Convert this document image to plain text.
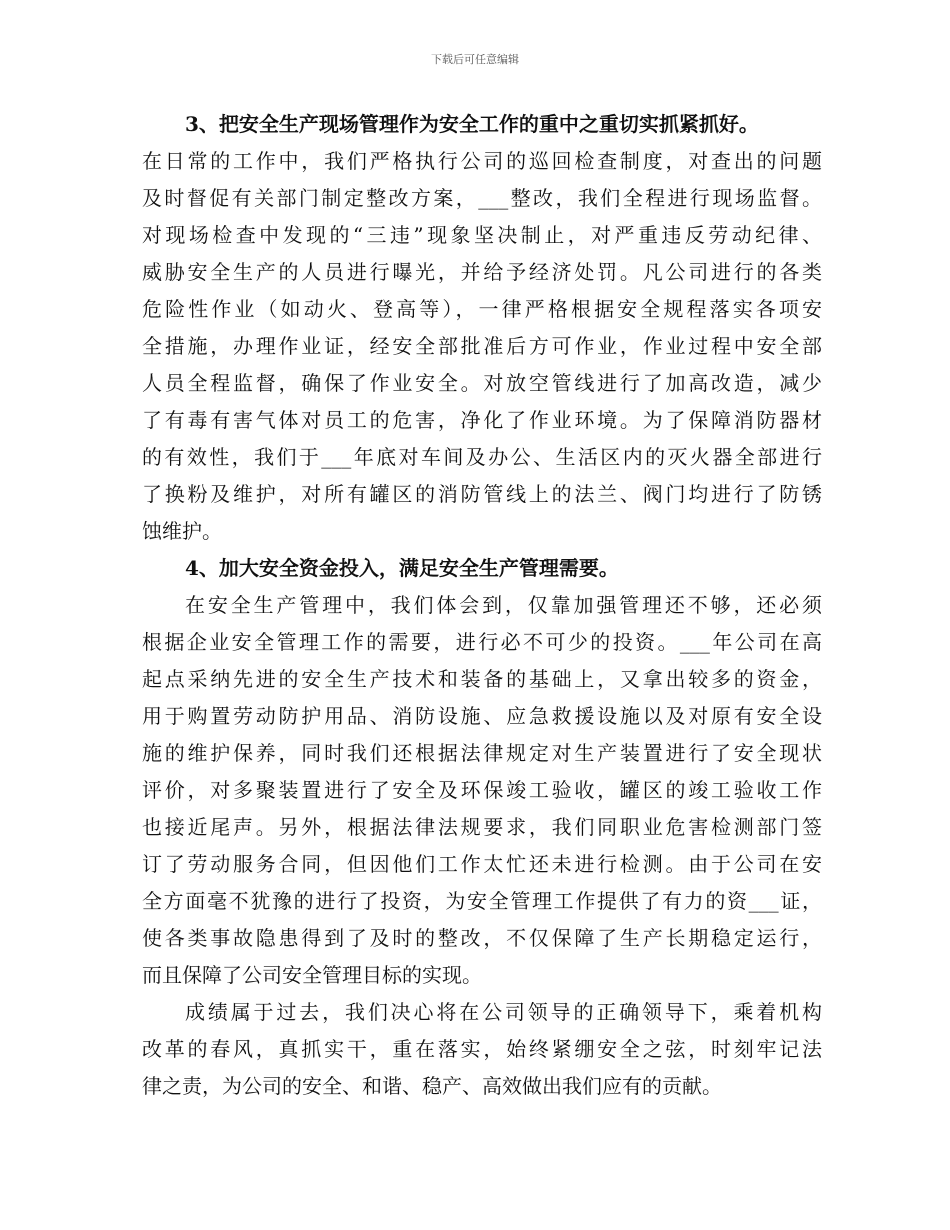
下载后可任意编辑
3、把安全生产现场管理作为安全工作的重中之重切实抓紧抓好。
在日常的工作中，我们严格执行公司的巡回检查制度，对查出的问题
及时督促有关部门制定整改方案，___整改，我们全程进行现场监督。
对现场检查中发现的“三违”现象坚决制止，对严重违反劳动纪律、
威胁安全生产的人员进行曝光，并给予经济处罚。凡公司进行的各类
危险性作业（如动火、登高等），一律严格根据安全规程落实各项安
全措施，办理作业证，经安全部批准后方可作业，作业过程中安全部
人员全程监督，确保了作业安全。对放空管线进行了加高改造，减少
了有毒有害气体对员工的危害，净化了作业环境。为了保障消防器材
的有效性，我们于___年底对车间及办公、生活区内的灭火器全部进行
了换粉及维护，对所有罐区的消防管线上的法兰、阀门均进行了防锈
蚀维护。
4、加大安全资金投入，满足安全生产管理需要。
在安全生产管理中，我们体会到，仅靠加强管理还不够，还必须
根据企业安全管理工作的需要，进行必不可少的投资。___年公司在高
起点采纳先进的安全生产技术和装备的基础上，又拿出较多的资金，
用于购置劳动防护用品、消防设施、应急救援设施以及对原有安全设
施的维护保养，同时我们还根据法律规定对生产装置进行了安全现状
评价，对多聚装置进行了安全及环保竣工验收，罐区的竣工验收工作
也接近尾声。另外，根据法律法规要求，我们同职业危害检测部门签
订了劳动服务合同，但因他们工作太忙还未进行检测。由于公司在安
全方面毫不犹豫的进行了投资，为安全管理工作提供了有力的资___证，
使各类事故隐患得到了及时的整改，不仅保障了生产长期稳定运行，
而且保障了公司安全管理目标的实现。
成绩属于过去，我们决心将在公司领导的正确领导下，乘着机构
改革的春风，真抓实干，重在落实，始终紧绷安全之弦，时刻牢记法
律之责，为公司的安全、和谐、稳产、高效做出我们应有的贡献。
